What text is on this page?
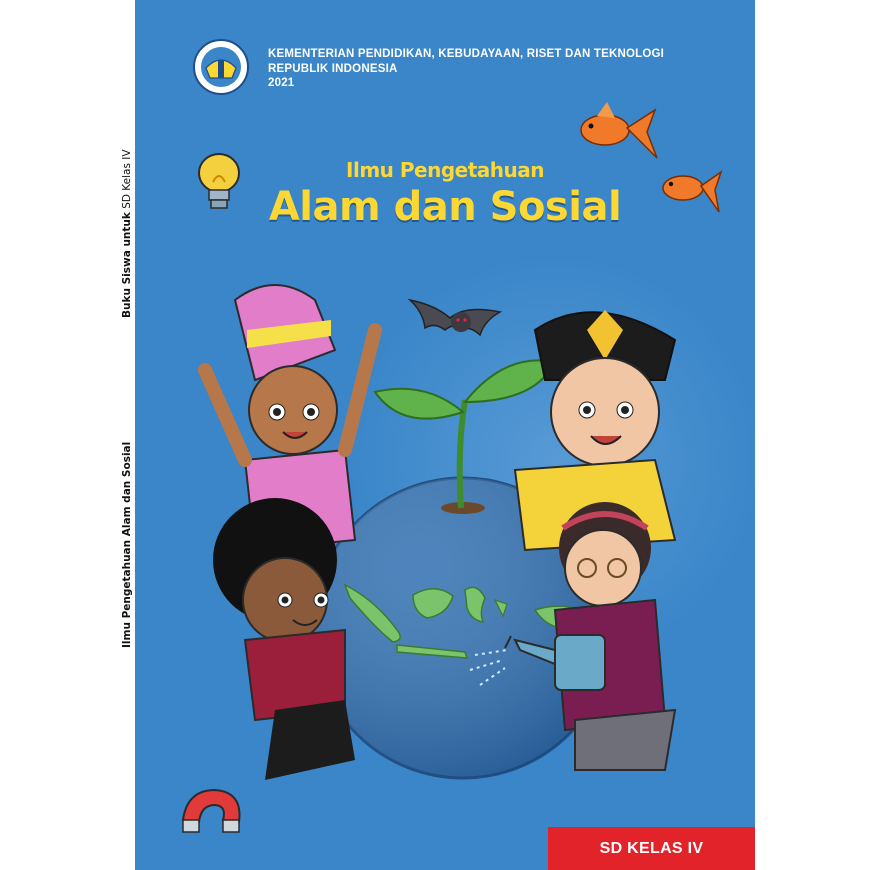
Buku Siswa untuk SD Kelas IV
Ilmu Pengetahuan Alam dan Sosial
KEMENTERIAN PENDIDIKAN, KEBUDAYAAN, RISET DAN TEKNOLOGI
REPUBLIK INDONESIA
2021
Ilmu Pengetahuan
Alam dan Sosial
SD KELAS IV
